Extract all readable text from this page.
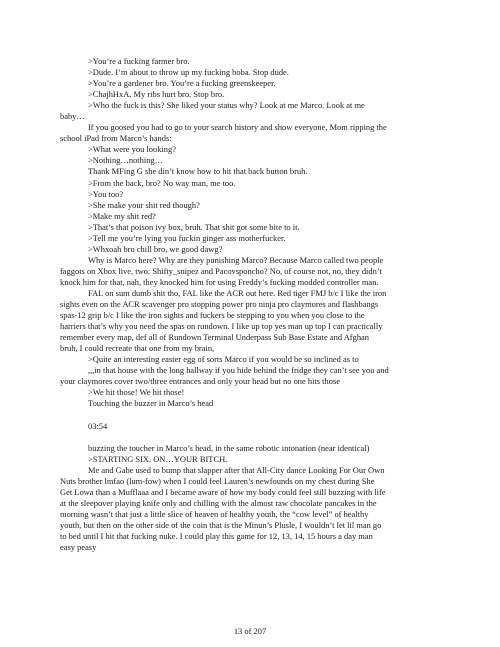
>You’re a fucking farmer bro.

>Dude. I’m about to throw up my fucking boba. Stop dude.

>You’re a gardener bro. You’re a fucking greenskeeper.

>ChajhHxA. My ribs hurt bro. Stop bro.

>Who the fuck is this? She liked your status why? Look at me Marco. Look at me

baby…

If you goosed you had to go to your search history and show everyone, Mom ripping the

school iPad from Marco’s hands:

>What were you looking?

>Nothing…nothing…

Thank MFing G she din’t know how to hit that back button bruh.

>From the back, bro? No way man, me too.

>You too?

>She make your shit red though?

>Make my shit red?

>That’s that poison ivy box, bruh. That shit got some bite to it.

>Tell me you’re lying you fuckin ginger ass motherfucker.

>Whxoah bro chill bro, we good dawg?

Why is Marco here? Why are they punishing Marco? Because Marco called two people

faggots on Xbox live, two: Shifty_snipez and Pacovsponcho? No, of course not, no, they didn’t

knock him for that, nah, they knocked him for using Freddy’s fucking modded controller man.

FAL on sum dumb shit tho, FAL like the ACR out here. Red tiger FMJ b/c I like the iron

sights even on the ACR scavenger pro stopping power pro ninja pro claymores and flashbangs

spas-12 grip b/c I like the iron sights and fuckers be stepping to you when you close to the

harriers that’s why you need the spas on rundown. I like up top yes man up top I can practically

remember every map, def all of Rundown Terminal Underpass Sub Base Estate and Afghan

bruh, I could recreate that one from my brain,

>Quite an interesting easter egg of sorts Marco if you would be so inclined as to

,,,in that house with the long hallway if you hide behind the fridge they can’t see you and

your claymores cover two/three entrances and only your head but no one hits those

>We hit those! We hit those!

Touching the buzzer in Marco’s head

03:54

buzzing the toucher in Marco’s head, in the same robotic intonation (near identical)

>STARTING SIX. ON…YOUR BITCH.

Me and Gabe used to bump that slapper after that All-City dance Looking For Our Own

Nuts brother lmfao (lum-fow) when I could feel Lauren’s newfounds on my chest during She

Get Lowa than a Mufflaaa and I became aware of how my body could feel still buzzing with life

at the sleepover playing knife only and chilling with the almost raw chocolate pancakes in the

morning wasn’t that just a little slice of heaven of healthy youth, the “cow level” of healthy

youth, but then on the other side of the coin that is the Minun’s Plusle, I wouldn’t let lil man go

to bed until I hit that fucking nuke. I could play this game for 12, 13, 14, 15 hours a day man

easy peasy

13 of 207
